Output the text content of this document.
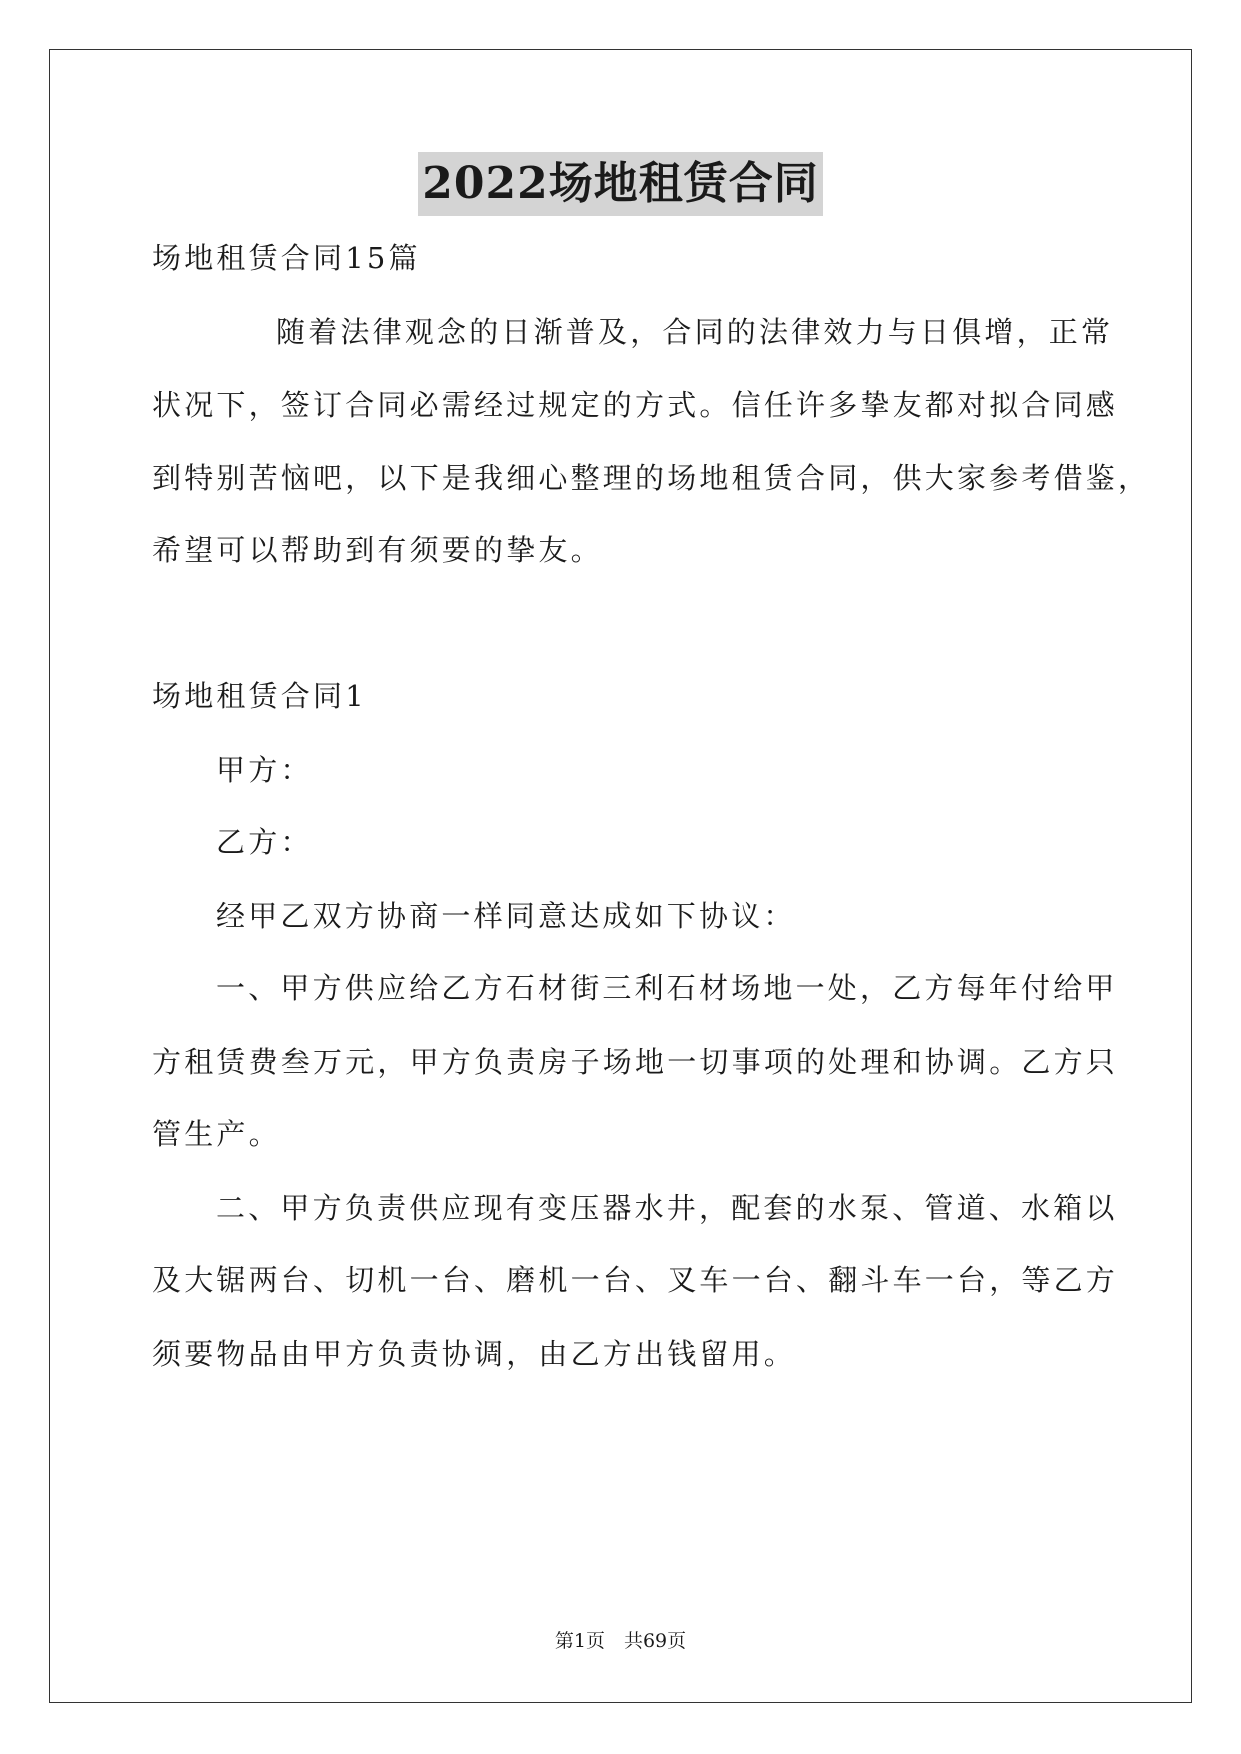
2022场地租赁合同
场地租赁合同15篇
随着法律观念的日渐普及，合同的法律效力与日俱增，正常
状况下，签订合同必需经过规定的方式。信任许多挚友都对拟合同感
到特别苦恼吧，以下是我细心整理的场地租赁合同，供大家参考借鉴，
希望可以帮助到有须要的挚友。
场地租赁合同1
甲方：
乙方：
经甲乙双方协商一样同意达成如下协议：
一、甲方供应给乙方石材街三利石材场地一处，乙方每年付给甲
方租赁费叁万元，甲方负责房子场地一切事项的处理和协调。乙方只
管生产。
二、甲方负责供应现有变压器水井，配套的水泵、管道、水箱以
及大锯两台、切机一台、磨机一台、叉车一台、翻斗车一台，等乙方
须要物品由甲方负责协调，由乙方出钱留用。
第1页　共69页
